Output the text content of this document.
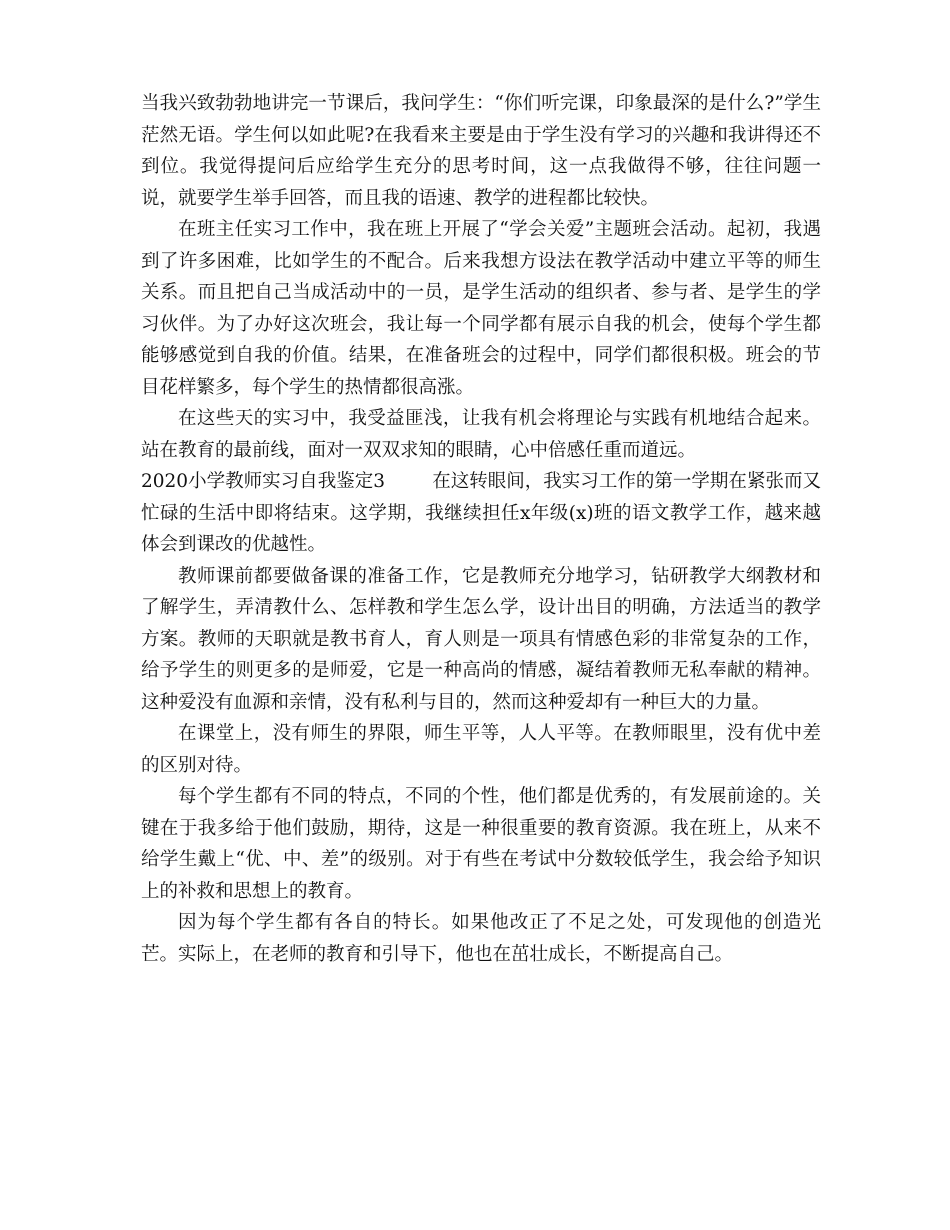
当我兴致勃勃地讲完一节课后，我问学生：“你们听完课，印象最深的是什么?”学生茫然无语。学生何以如此呢?在我看来主要是由于学生没有学习的兴趣和我讲得还不到位。我觉得提问后应给学生充分的思考时间，这一点我做得不够，往往问题一说，就要学生举手回答，而且我的语速、教学的进程都比较快。

在班主任实习工作中，我在班上开展了“学会关爱”主题班会活动。起初，我遇到了许多困难，比如学生的不配合。后来我想方设法在教学活动中建立平等的师生关系。而且把自己当成活动中的一员，是学生活动的组织者、参与者、是学生的学习伙伴。为了办好这次班会，我让每一个同学都有展示自我的机会，使每个学生都能够感觉到自我的价值。结果，在准备班会的过程中，同学们都很积极。班会的节目花样繁多，每个学生的热情都很高涨。

在这些天的实习中，我受益匪浅，让我有机会将理论与实践有机地结合起来。站在教育的最前线，面对一双双求知的眼睛，心中倍感任重而道远。

2020小学教师实习自我鉴定3	在这转眼间，我实习工作的第一学期在紧张而又忙碌的生活中即将结束。这学期，我继续担任x年级(x)班的语文教学工作，越来越体会到课改的优越性。

教师课前都要做备课的准备工作，它是教师充分地学习，钻研教学大纲教材和了解学生，弄清教什么、怎样教和学生怎么学，设计出目的明确，方法适当的教学方案。教师的天职就是教书育人，育人则是一项具有情感色彩的非常复杂的工作，给予学生的则更多的是师爱，它是一种高尚的情感，凝结着教师无私奉献的精神。这种爱没有血源和亲情，没有私利与目的，然而这种爱却有一种巨大的力量。

在课堂上，没有师生的界限，师生平等，人人平等。在教师眼里，没有优中差的区别对待。

每个学生都有不同的特点，不同的个性，他们都是优秀的，有发展前途的。关键在于我多给于他们鼓励，期待，这是一种很重要的教育资源。我在班上，从来不给学生戴上“优、中、差”的级别。对于有些在考试中分数较低学生，我会给予知识上的补救和思想上的教育。

因为每个学生都有各自的特长。如果他改正了不足之处，可发现他的创造光芒。实际上，在老师的教育和引导下，他也在茁壮成长，不断提高自己。
